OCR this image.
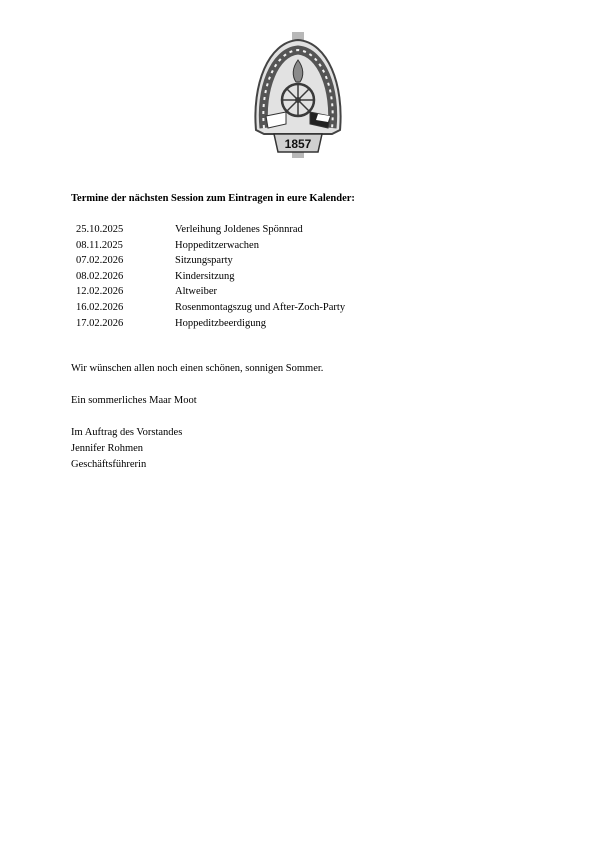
1857
Termine der nächsten Session zum Eintragen in eure Kalender:
25.10.2025	Verleihung Joldenes Spönnrad
08.11.2025	Hoppeditzerwachen
07.02.2026	Sitzungsparty
08.02.2026	Kindersitzung
12.02.2026	Altweiber
16.02.2026	Rosenmontagszug und After-Zoch-Party
17.02.2026	Hoppeditzbeerdigung
Wir wünschen allen noch einen schönen, sonnigen Sommer.
Ein sommerliches Maar Moot
Im Auftrag des Vorstandes
Jennifer Rohmen
Geschäftsführerin
